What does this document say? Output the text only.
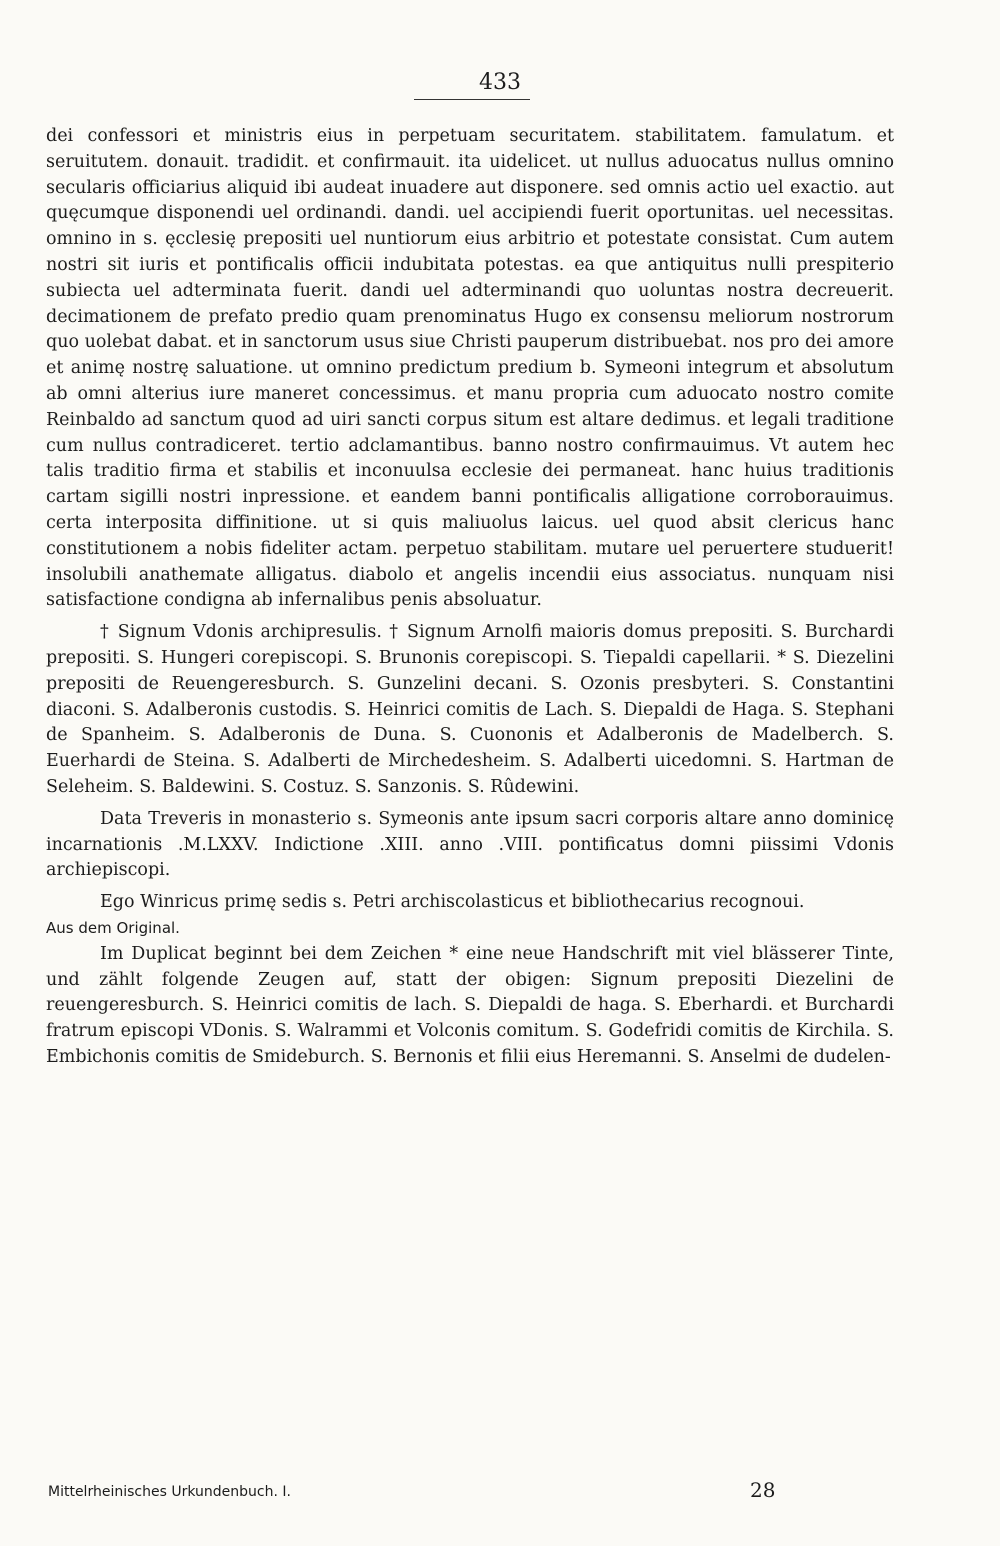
433

dei confessori et ministris eius in perpetuam securitatem. stabilitatem. famulatum. et seruitutem. donauit. tradidit. et confirmauit. ita uidelicet. ut nullus aduocatus nullus omnino secularis officiarius aliquid ibi audeat inuadere aut disponere. sed omnis actio uel exactio. aut quęcumque disponendi uel ordinandi. dandi. uel accipiendi fuerit oportunitas. uel necessitas. omnino in s. ęcclesię prepositi uel nuntiorum eius arbitrio et potestate consistat. Cum autem nostri sit iuris et pontificalis officii indubitata potestas. ea que antiquitus nulli prespiterio subiecta uel adterminata fuerit. dandi uel adterminandi quo uoluntas nostra decreuerit. decimationem de prefato predio quam prenominatus Hugo ex consensu meliorum nostrorum quo uolebat dabat. et in sanctorum usus siue Christi pauperum distribuebat. nos pro dei amore et animę nostrę saluatione. ut omnino predictum predium b. Symeoni integrum et absolutum ab omni alterius iure maneret concessimus. et manu propria cum aduocato nostro comite Reinbaldo ad sanctum quod ad uiri sancti corpus situm est altare dedimus. et legali traditione cum nullus contradiceret. tertio adclamantibus. banno nostro confirmauimus. Vt autem hec talis traditio firma et stabilis et inconuulsa ecclesie dei permaneat. hanc huius traditionis cartam sigilli nostri inpressione. et eandem banni pontificalis alligatione corroborauimus. certa interposita diffinitione. ut si quis maliuolus laicus. uel quod absit clericus hanc constitutionem a nobis fideliter actam. perpetuo stabilitam. mutare uel peruertere studuerit! insolubili anathemate alligatus. diabolo et angelis incendii eius associatus. nunquam nisi satisfactione condigna ab infernalibus penis absoluatur.

† Signum Vdonis archipresulis. † Signum Arnolfi maioris domus prepositi. S. Burchardi prepositi. S. Hungeri corepiscopi. S. Brunonis corepiscopi. S. Tiepaldi capellarii. * S. Diezelini prepositi de Reuengeresburch. S. Gunzelini decani. S. Ozonis presbyteri. S. Constantini diaconi. S. Adalberonis custodis. S. Heinrici comitis de Lach. S. Diepaldi de Haga. S. Stephani de Spanheim. S. Adalberonis de Duna. S. Cuononis et Adalberonis de Madelberch. S. Euerhardi de Steina. S. Adalberti de Mirchedesheim. S. Adalberti uicedomni. S. Hartman de Seleheim. S. Baldewini. S. Costuz. S. Sanzonis. S. Rûdewini.

Data Treveris in monasterio s. Symeonis ante ipsum sacri corporis altare anno dominicę incarnationis .M.LXXV. Indictione .XIII. anno .VIII. pontificatus domni piissimi Vdonis archiepiscopi.

Ego Winricus primę sedis s. Petri archiscolasticus et bibliothecarius recognoui.

Aus dem Original.

Im Duplicat beginnt bei dem Zeichen * eine neue Handschrift mit viel blässerer Tinte, und zählt folgende Zeugen auf, statt der obigen: Signum prepositi Diezelini de reuengeresburch. S. Heinrici comitis de lach. S. Diepaldi de haga. S. Eberhardi. et Burchardi fratrum episcopi VDonis. S. Walrammi et Volconis comitum. S. Godefridi comitis de Kirchila. S. Embichonis comitis de Smideburch. S. Bernonis et filii eius Heremanni. S. Anselmi de dudelen-

Mittelrheinisches Urkundenbuch. I.	28
